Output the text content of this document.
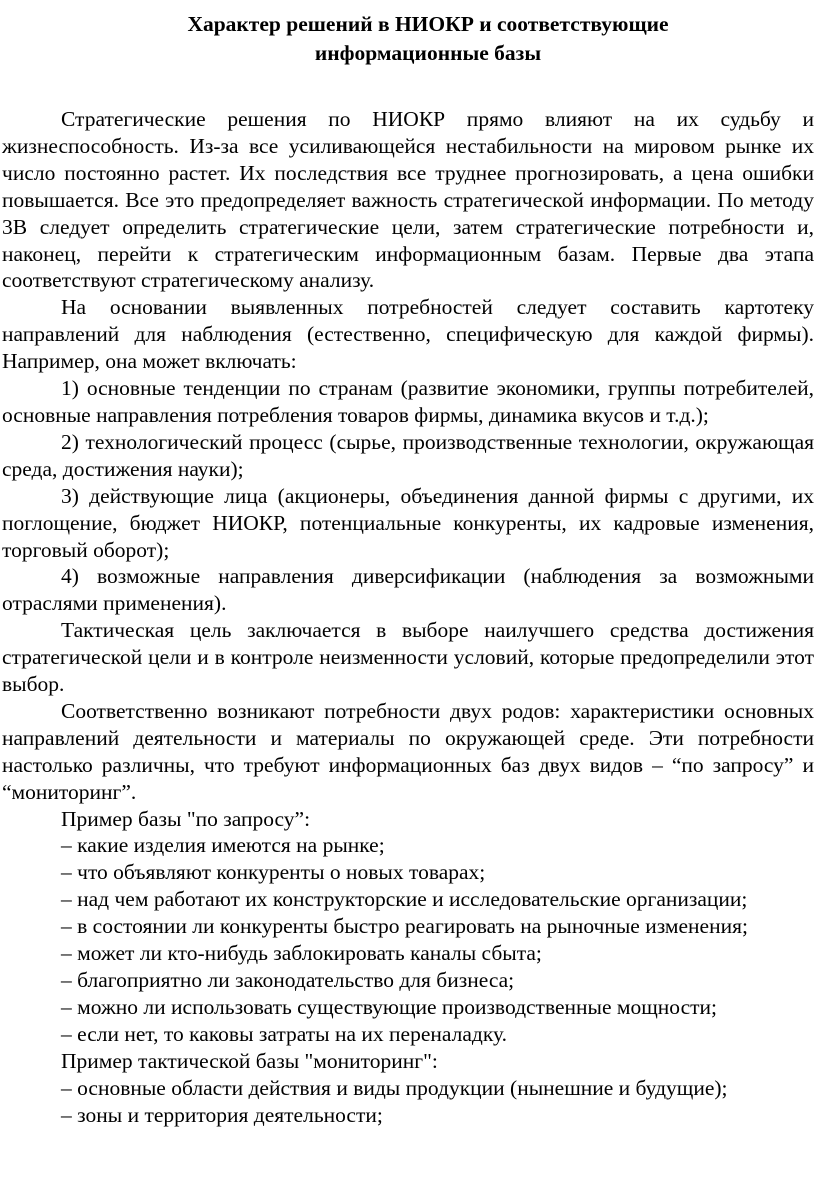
Характер решений в НИОКР и соответствующие
информационные базы

Стратегические решения по НИОКР прямо влияют на их судьбу и жизнеспособность. Из-за все усиливающейся нестабильности на мировом рынке их число постоянно растет. Их последствия все труднее прогнозировать, а цена ошибки повышается. Все это предопределяет важность стратегической информации. По методу 3В следует определить стратегические цели, затем стратегические потребности и, наконец, перейти к стратегическим информационным базам. Первые два этапа соответствуют стратегическому анализу.

На основании выявленных потребностей следует составить картотеку направлений для наблюдения (естественно, специфическую для каждой фирмы). Например, она может включать:

1) основные тенденции по странам (развитие экономики, группы потребителей, основные направления потребления товаров фирмы, динамика вкусов и т.д.);

2) технологический процесс (сырье, производственные технологии, окружающая среда, достижения науки);

3) действующие лица (акционеры, объединения данной фирмы с другими, их поглощение, бюджет НИОКР, потенциальные конкуренты, их кадровые изменения, торговый оборот);

4) возможные направления диверсификации (наблюдения за возможными отраслями применения).

Тактическая цель заключается в выборе наилучшего средства достижения стратегической цели и в контроле неизменности условий, которые предопределили этот выбор.

Соответственно возникают потребности двух родов: характеристики основных направлений деятельности и материалы по окружающей среде. Эти потребности настолько различны, что требуют информационных баз двух видов – “по запросу” и “мониторинг”.

Пример базы "по запросу”:

– какие изделия имеются на рынке;

– что объявляют конкуренты о новых товарах;

– над чем работают их конструкторские и исследовательские организации;

– в состоянии ли конкуренты быстро реагировать на рыночные изменения;

– может ли кто-нибудь заблокировать каналы сбыта;

– благоприятно ли законодательство для бизнеса;

– можно ли использовать существующие производственные мощности;

– если нет, то каковы затраты на их переналадку.

Пример тактической базы "мониторинг":

– основные области действия и виды продукции (нынешние и будущие);

– зоны и территория деятельности;
